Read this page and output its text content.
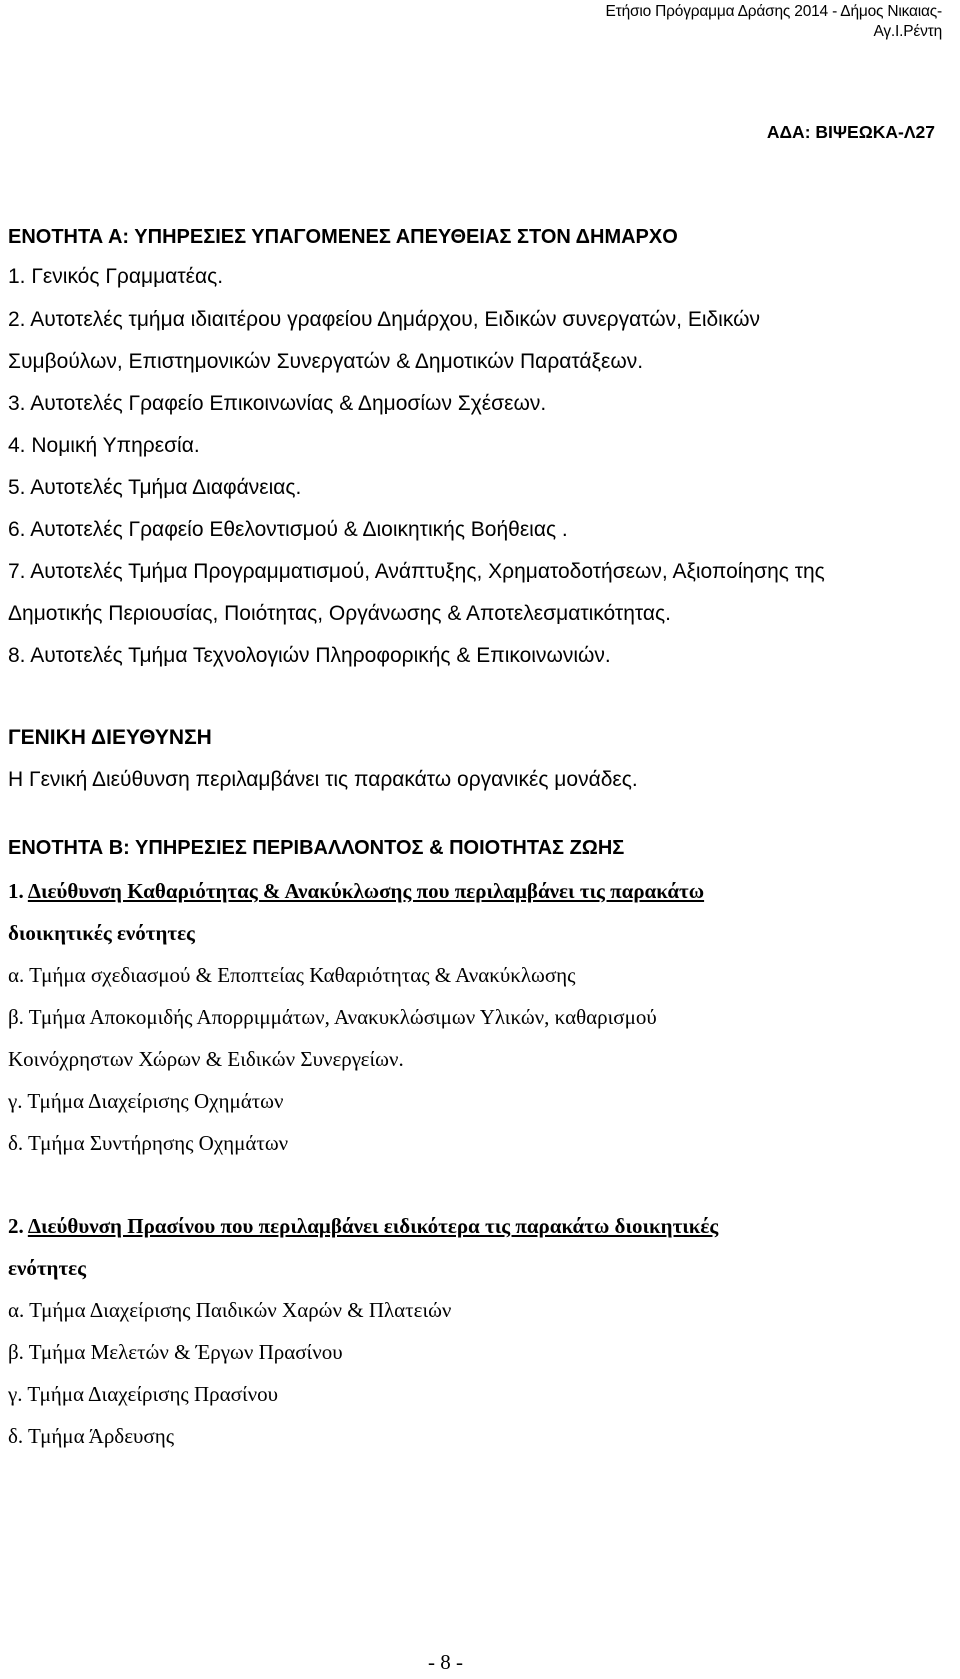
Ετήσιο Πρόγραμμα Δράσης 2014 - Δήμος Νικαιας-
Αγ.Ι.Ρέντη
ΑΔΑ: ΒΙΨΕΩΚΑ-Λ27
ΕΝΟΤΗΤΑ Α: ΥΠΗΡΕΣΙΕΣ ΥΠΑΓΟΜΕΝΕΣ ΑΠΕΥΘΕΙΑΣ ΣΤΟΝ ΔΗΜΑΡΧΟ
1. Γενικός Γραμματέας.
2. Αυτοτελές τμήμα ιδιαιτέρου γραφείου Δημάρχου, Ειδικών συνεργατών, Ειδικών
Συμβούλων, Επιστημονικών Συνεργατών & Δημοτικών Παρατάξεων.
3. Αυτοτελές Γραφείο Επικοινωνίας & Δημοσίων Σχέσεων.
4. Νομική Υπηρεσία.
5. Αυτοτελές Τμήμα Διαφάνειας.
6. Αυτοτελές Γραφείο Εθελοντισμού & Διοικητικής Βοήθειας .
7. Αυτοτελές Τμήμα Προγραμματισμού, Ανάπτυξης, Χρηματοδοτήσεων, Αξιοποίησης της
Δημοτικής Περιουσίας, Ποιότητας, Οργάνωσης & Αποτελεσματικότητας.
8. Αυτοτελές Τμήμα Τεχνολογιών Πληροφορικής & Επικοινωνιών.
ΓΕΝΙΚΗ ΔΙΕΥΘΥΝΣΗ
Η Γενική Διεύθυνση περιλαμβάνει τις παρακάτω οργανικές μονάδες.
ΕΝΟΤΗΤΑ Β: ΥΠΗΡΕΣΙΕΣ ΠΕΡΙΒΑΛΛΟΝΤΟΣ & ΠΟΙΟΤΗΤΑΣ ΖΩΗΣ
1. Διεύθυνση Καθαριότητας & Ανακύκλωσης που περιλαμβάνει τις παρακάτω
διοικητικές ενότητες
α. Τμήμα σχεδιασμού & Εποπτείας Καθαριότητας & Ανακύκλωσης
β. Τμήμα Αποκομιδής Απορριμμάτων, Ανακυκλώσιμων Υλικών, καθαρισμού
Κοινόχρηστων Χώρων & Ειδικών Συνεργείων.
γ. Τμήμα Διαχείρισης Οχημάτων
δ. Τμήμα Συντήρησης Οχημάτων
2. Διεύθυνση Πρασίνου που περιλαμβάνει ειδικότερα τις παρακάτω διοικητικές
ενότητες
α. Τμήμα Διαχείρισης Παιδικών Χαρών & Πλατειών
β. Τμήμα Μελετών & Έργων Πρασίνου
γ. Τμήμα Διαχείρισης Πρασίνου
δ. Τμήμα Άρδευσης
- 8 -
